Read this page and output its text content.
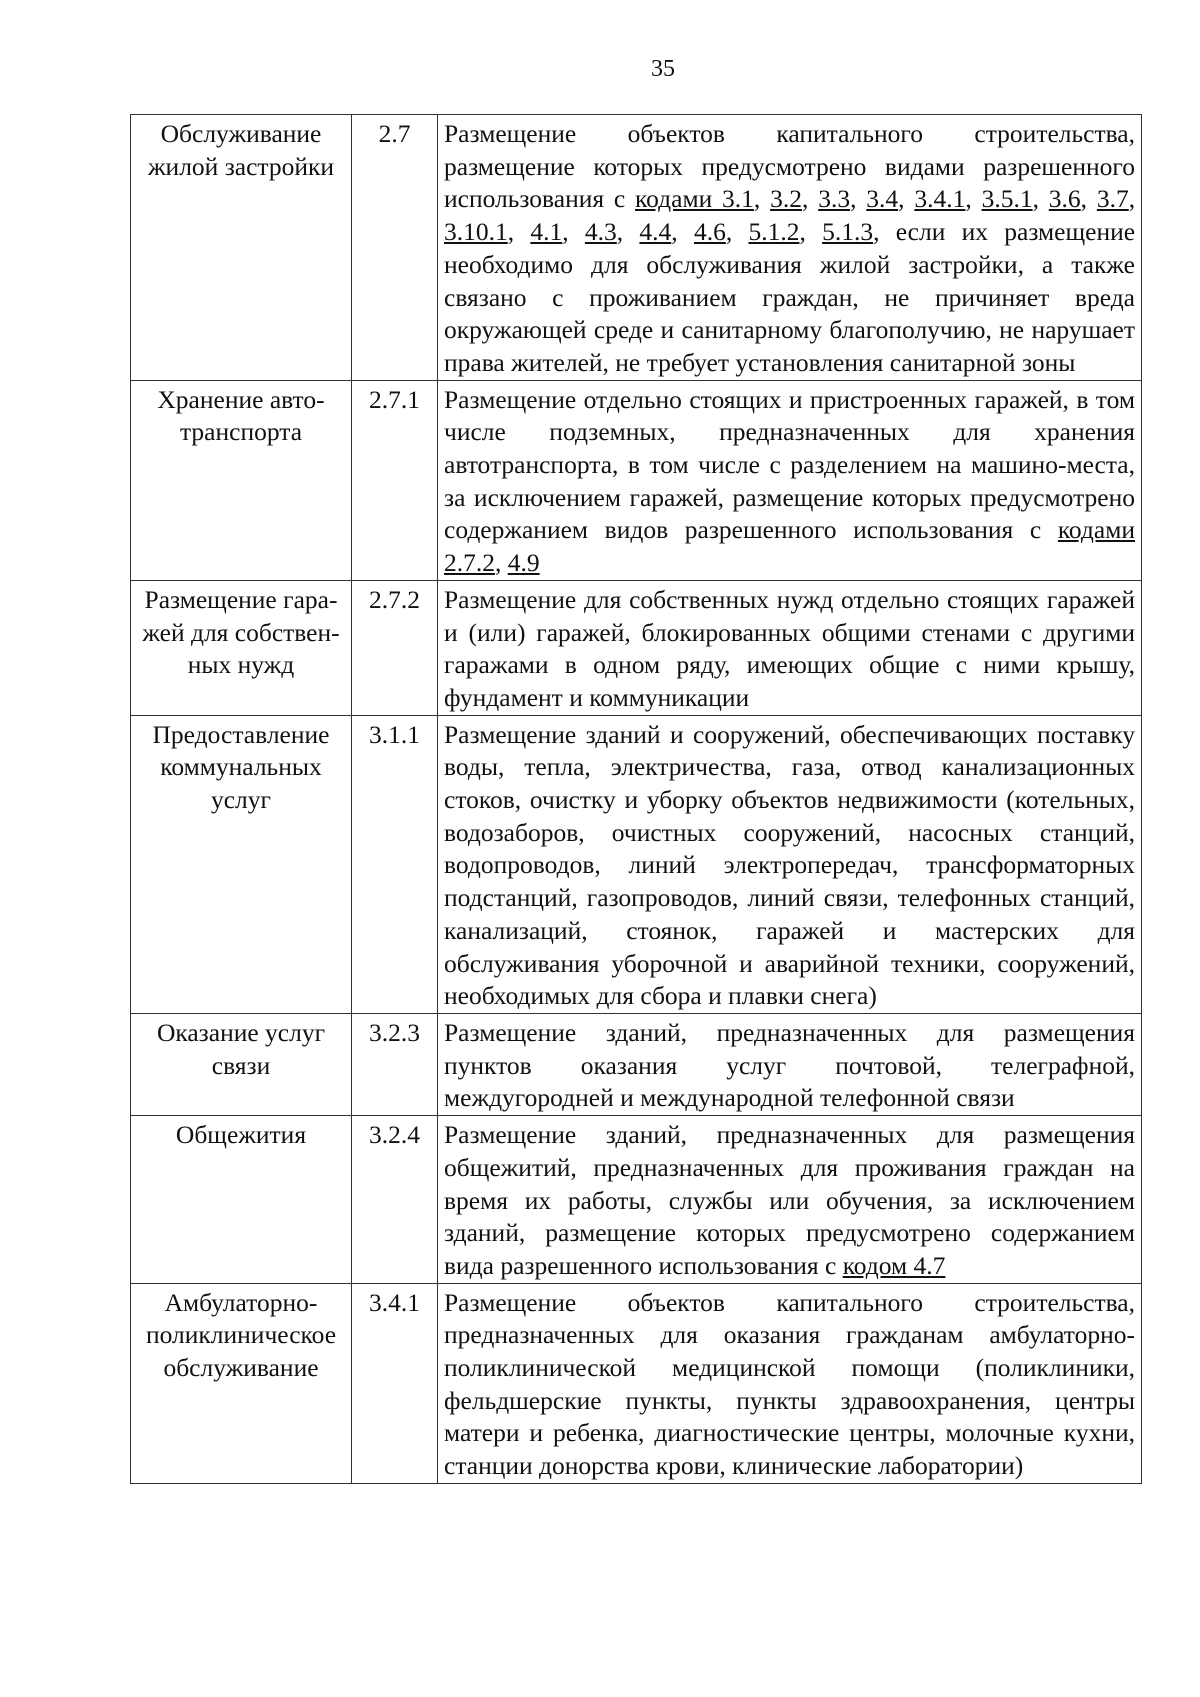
35
Обслуживание жилой застройки	2.7	Размещение объектов капитального строительства, размещение которых предусмотрено видами разрешенного использования с кодами 3.1, 3.2, 3.3, 3.4, 3.4.1, 3.5.1, 3.6, 3.7, 3.10.1, 4.1, 4.3, 4.4, 4.6, 5.1.2, 5.1.3, если их размещение необходимо для обслуживания жилой застройки, а также связано с проживанием граждан, не причиняет вреда окружающей среде и санитарному благополучию, не нарушает права жителей, не требует установления санитарной зоны
Хранение авто-транспорта	2.7.1	Размещение отдельно стоящих и пристроенных гаражей, в том числе подземных, предназначенных для хранения автотранспорта, в том числе с разделением на машино-места, за исключением гаражей, размещение которых предусмотрено содержанием видов разрешенного использования с кодами 2.7.2, 4.9
Размещение гара-жей для собствен-ных нужд	2.7.2	Размещение для собственных нужд отдельно стоящих гаражей и (или) гаражей, блокированных общими стенами с другими гаражами в одном ряду, имеющих общие с ними крышу, фундамент и коммуникации
Предоставление коммунальных услуг	3.1.1	Размещение зданий и сооружений, обеспечивающих поставку воды, тепла, электричества, газа, отвод канализационных стоков, очистку и уборку объектов недвижимости (котельных, водозаборов, очистных сооружений, насосных станций, водопроводов, линий электропередач, трансформаторных подстанций, газопроводов, линий связи, телефонных станций, канализаций, стоянок, гаражей и мастерских для обслуживания уборочной и аварийной техники, сооружений, необходимых для сбора и плавки снега)
Оказание услуг связи	3.2.3	Размещение зданий, предназначенных для размещения пунктов оказания услуг почтовой, телеграфной, междугородней и международной телефонной связи
Общежития	3.2.4	Размещение зданий, предназначенных для размещения общежитий, предназначенных для проживания граждан на время их работы, службы или обучения, за исключением зданий, размещение которых предусмотрено содержанием вида разрешенного использования с кодом 4.7
Амбулаторно-поликлиническое обслуживание	3.4.1	Размещение объектов капитального строительства, предназначенных для оказания гражданам амбулаторно-поликлинической медицинской помощи (поликлиники, фельдшерские пункты, пункты здравоохранения, центры матери и ребенка, диагностические центры, молочные кухни, станции донорства крови, клинические лаборатории)
